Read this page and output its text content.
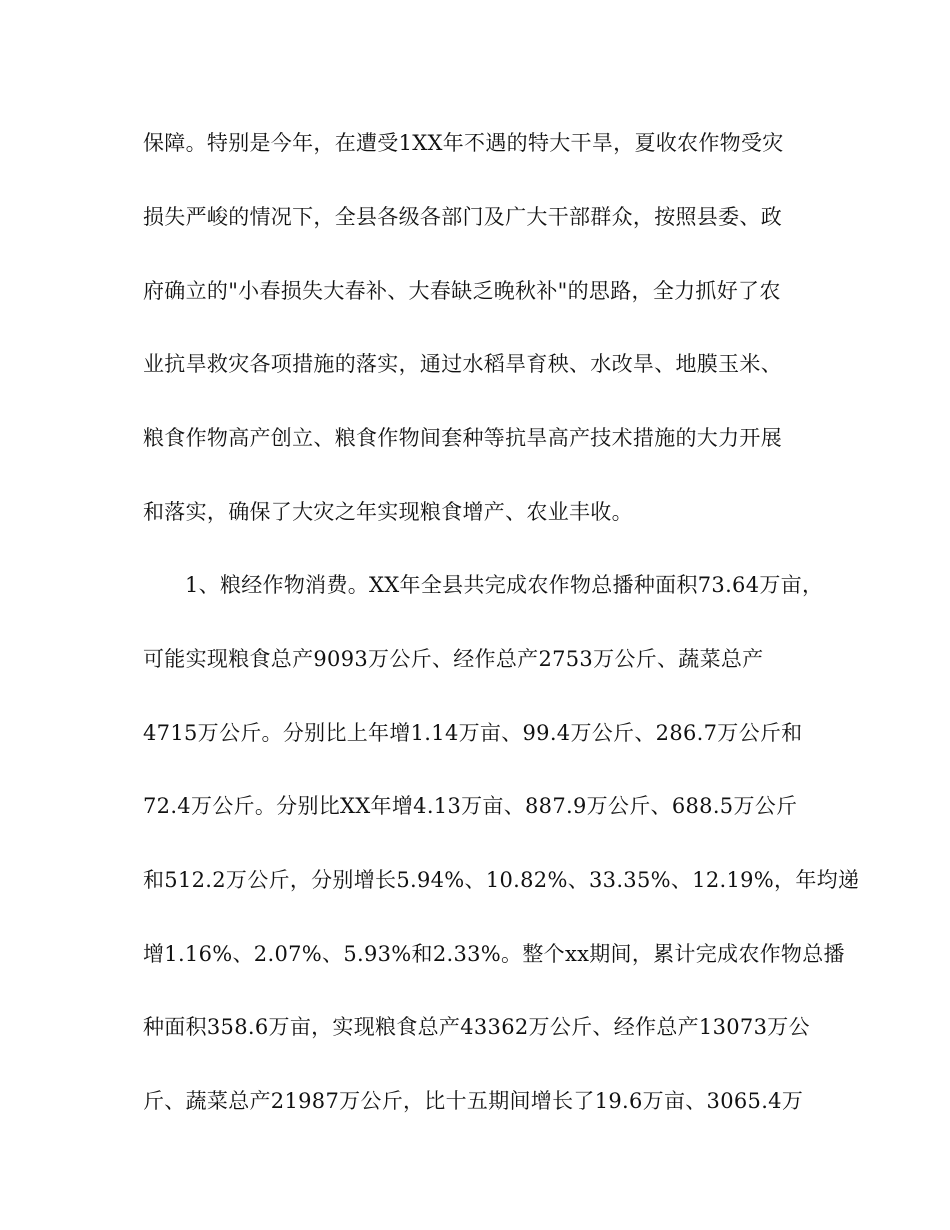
保障。特别是今年，在遭受1XX年不遇的特大干旱，夏收农作物受灾
损失严峻的情况下，全县各级各部门及广大干部群众，按照县委、政
府确立的"小春损失大春补、大春缺乏晚秋补"的思路，全力抓好了农
业抗旱救灾各项措施的落实，通过水稻旱育秧、水改旱、地膜玉米、
粮食作物高产创立、粮食作物间套种等抗旱高产技术措施的大力开展
和落实，确保了大灾之年实现粮食增产、农业丰收。
1、粮经作物消费。XX年全县共完成农作物总播种面积73.64万亩，
可能实现粮食总产9093万公斤、经作总产2753万公斤、蔬菜总产
4715万公斤。分别比上年增1.14万亩、99.4万公斤、286.7万公斤和
72.4万公斤。分别比XX年增4.13万亩、887.9万公斤、688.5万公斤
和512.2万公斤，分别增长5.94%、10.82%、33.35%、12.19%，年均递
增1.16%、2.07%、5.93%和2.33%。整个xx期间，累计完成农作物总播
种面积358.6万亩，实现粮食总产43362万公斤、经作总产13073万公
斤、蔬菜总产21987万公斤，比十五期间增长了19.6万亩、3065.4万
